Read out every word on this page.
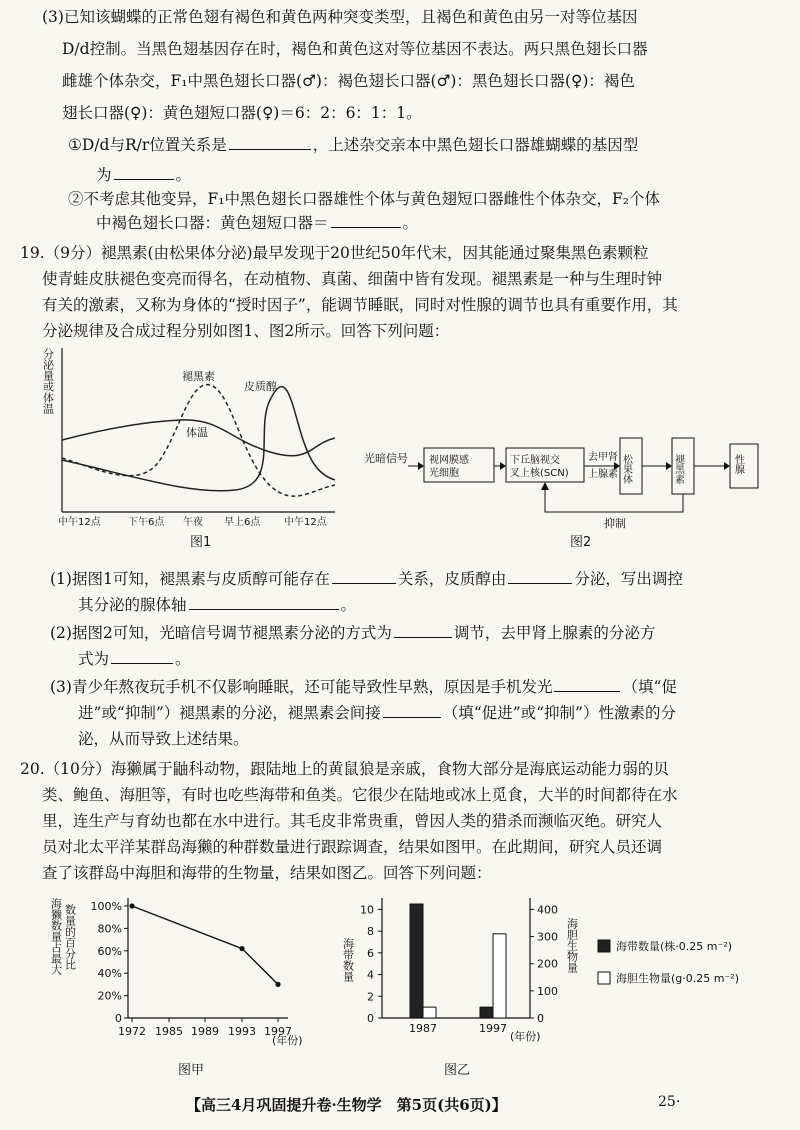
(3)已知该蝴蝶的正常色翅有褐色和黄色两种突变类型，且褐色和黄色由另一对等位基因
D/d控制。当黑色翅基因存在时，褐色和黄色这对等位基因不表达。两只黑色翅长口器
雌雄个体杂交，F₁中黑色翅长口器(♂)：褐色翅长口器(♂)：黑色翅长口器(♀)：褐色
翅长口器(♀)：黄色翅短口器(♀)＝6：2：6：1：1。
①D/d与R/r位置关系是	，上述杂交亲本中黑色翅长口器雄蝴蝶的基因型
为	。
②不考虑其他变异，F₁中黑色翅长口器雄性个体与黄色翅短口器雌性个体杂交，F₂个体
中褐色翅长口器：黄色翅短口器＝	。
19.（9分）褪黑素(由松果体分泌)最早发现于20世纪50年代末，因其能通过聚集黑色素颗粒
使青蛙皮肤褪色变亮而得名，在动植物、真菌、细菌中皆有发现。褪黑素是一种与生理时钟
有关的激素，又称为身体的“授时因子”，能调节睡眠，同时对性腺的调节也具有重要作用，其
分泌规律及合成过程分别如图1、图2所示。回答下列问题：
分泌量或体温	褪黑素
皮质醇
体温
中午12点	下午6点 午夜 早上6点 中午12点
图1
光暗信号 视网膜感
光细胞
下丘脑视交
叉上核(SCN)
去甲肾
上腺素 松果体	褪黑素	性腺
抑制
图2
(1)据图1可知，褪黑素与皮质醇可能存在	关系，皮质醇由	分泌，写出调控
其分泌的腺体轴	。
(2)据图2可知，光暗信号调节褪黑素分泌的方式为	调节，去甲肾上腺素的分泌方
式为	。
(3)青少年熬夜玩手机不仅影响睡眠，还可能导致性早熟，原因是手机发光	（填“促
进”或“抑制”）褪黑素的分泌，褪黑素会间接	（填“促进”或“抑制”）性激素的分
泌，从而导致上述结果。
20.（10分）海獭属于鼬科动物，跟陆地上的黄鼠狼是亲戚，食物大部分是海底运动能力弱的贝
类、鲍鱼、海胆等，有时也吃些海带和鱼类。它很少在陆地或冰上觅食，大半的时间都待在水
里，连生产与育幼也都在水中进行。其毛皮非常贵重，曾因人类的猎杀而濒临灭绝。研究人
员对北太平洋某群岛海獭的种群数量进行跟踪调查，结果如图甲。在此期间，研究人员还调
查了该群岛中海胆和海带的生物量，结果如图乙。回答下列问题：
海獭数量占最大 数量的百分比
0
20%
40%
60%
80%
100%
1972 1985 1989 1993 1997
(年份)
图甲
海带数量
0
2
4
6
8
10
0
100
200
300
400
1987	1997
(年份)
海胆生物量	海带数量(株·0.25 m⁻²)
海胆生物量(g·0.25 m⁻²)
图乙
【高三4月巩固提升卷·生物学　第5页(共6页)】	25·
